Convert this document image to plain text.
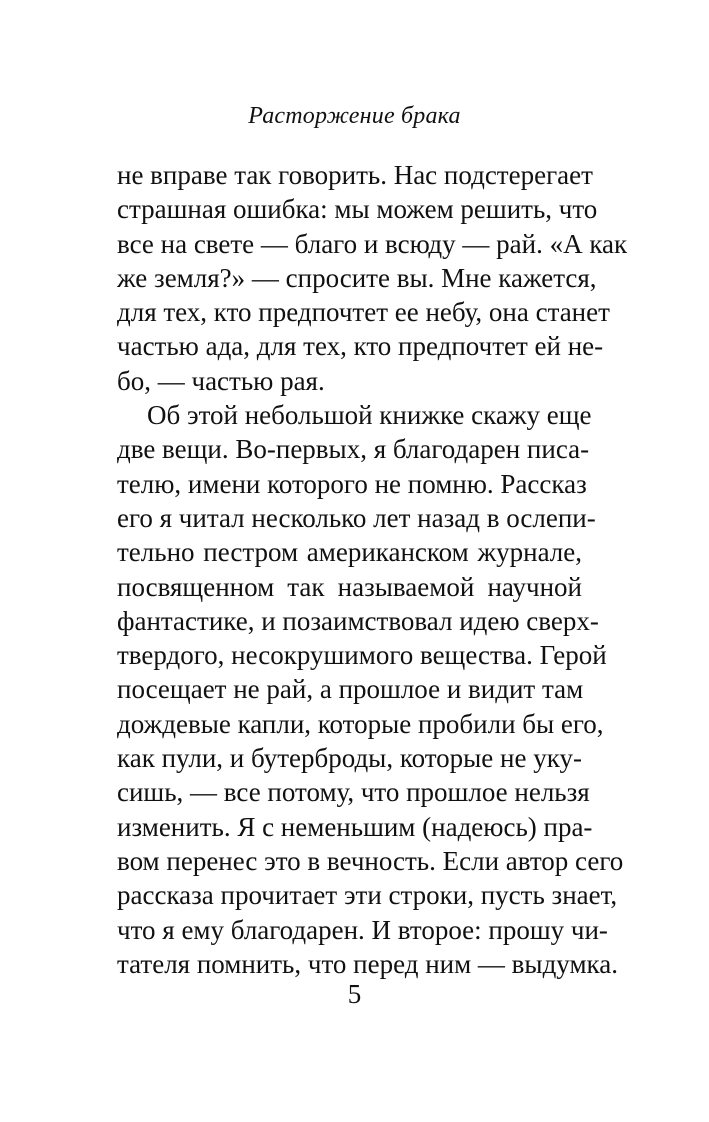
Расторжение брака

не вправе так говорить. Нас подстерегает
страшная ошибка: мы можем решить, что
все на свете — благо и всюду — рай. «А как
же земля?» — спросите вы. Мне кажется,
для тех, кто предпочтет ее небу, она станет
частью ада, для тех, кто предпочтет ей не-
бо, — частью рая.

Об этой небольшой книжке скажу еще
две вещи. Во-первых, я благодарен писа-
телю, имени которого не помню. Рассказ
его я читал несколько лет назад в ослепи-
тельно пестром американском журнале,
посвященном так называемой научной
фантастике, и позаимствовал идею сверх-
твердого, несокрушимого вещества. Герой
посещает не рай, а прошлое и видит там
дождевые капли, которые пробили бы его,
как пули, и бутерброды, которые не уку-
сишь, — все потому, что прошлое нельзя
изменить. Я с неменьшим (надеюсь) пра-
вом перенес это в вечность. Если автор сего
рассказа прочитает эти строки, пусть знает,
что я ему благодарен. И второе: прошу чи-
тателя помнить, что перед ним — выдумка.

5
